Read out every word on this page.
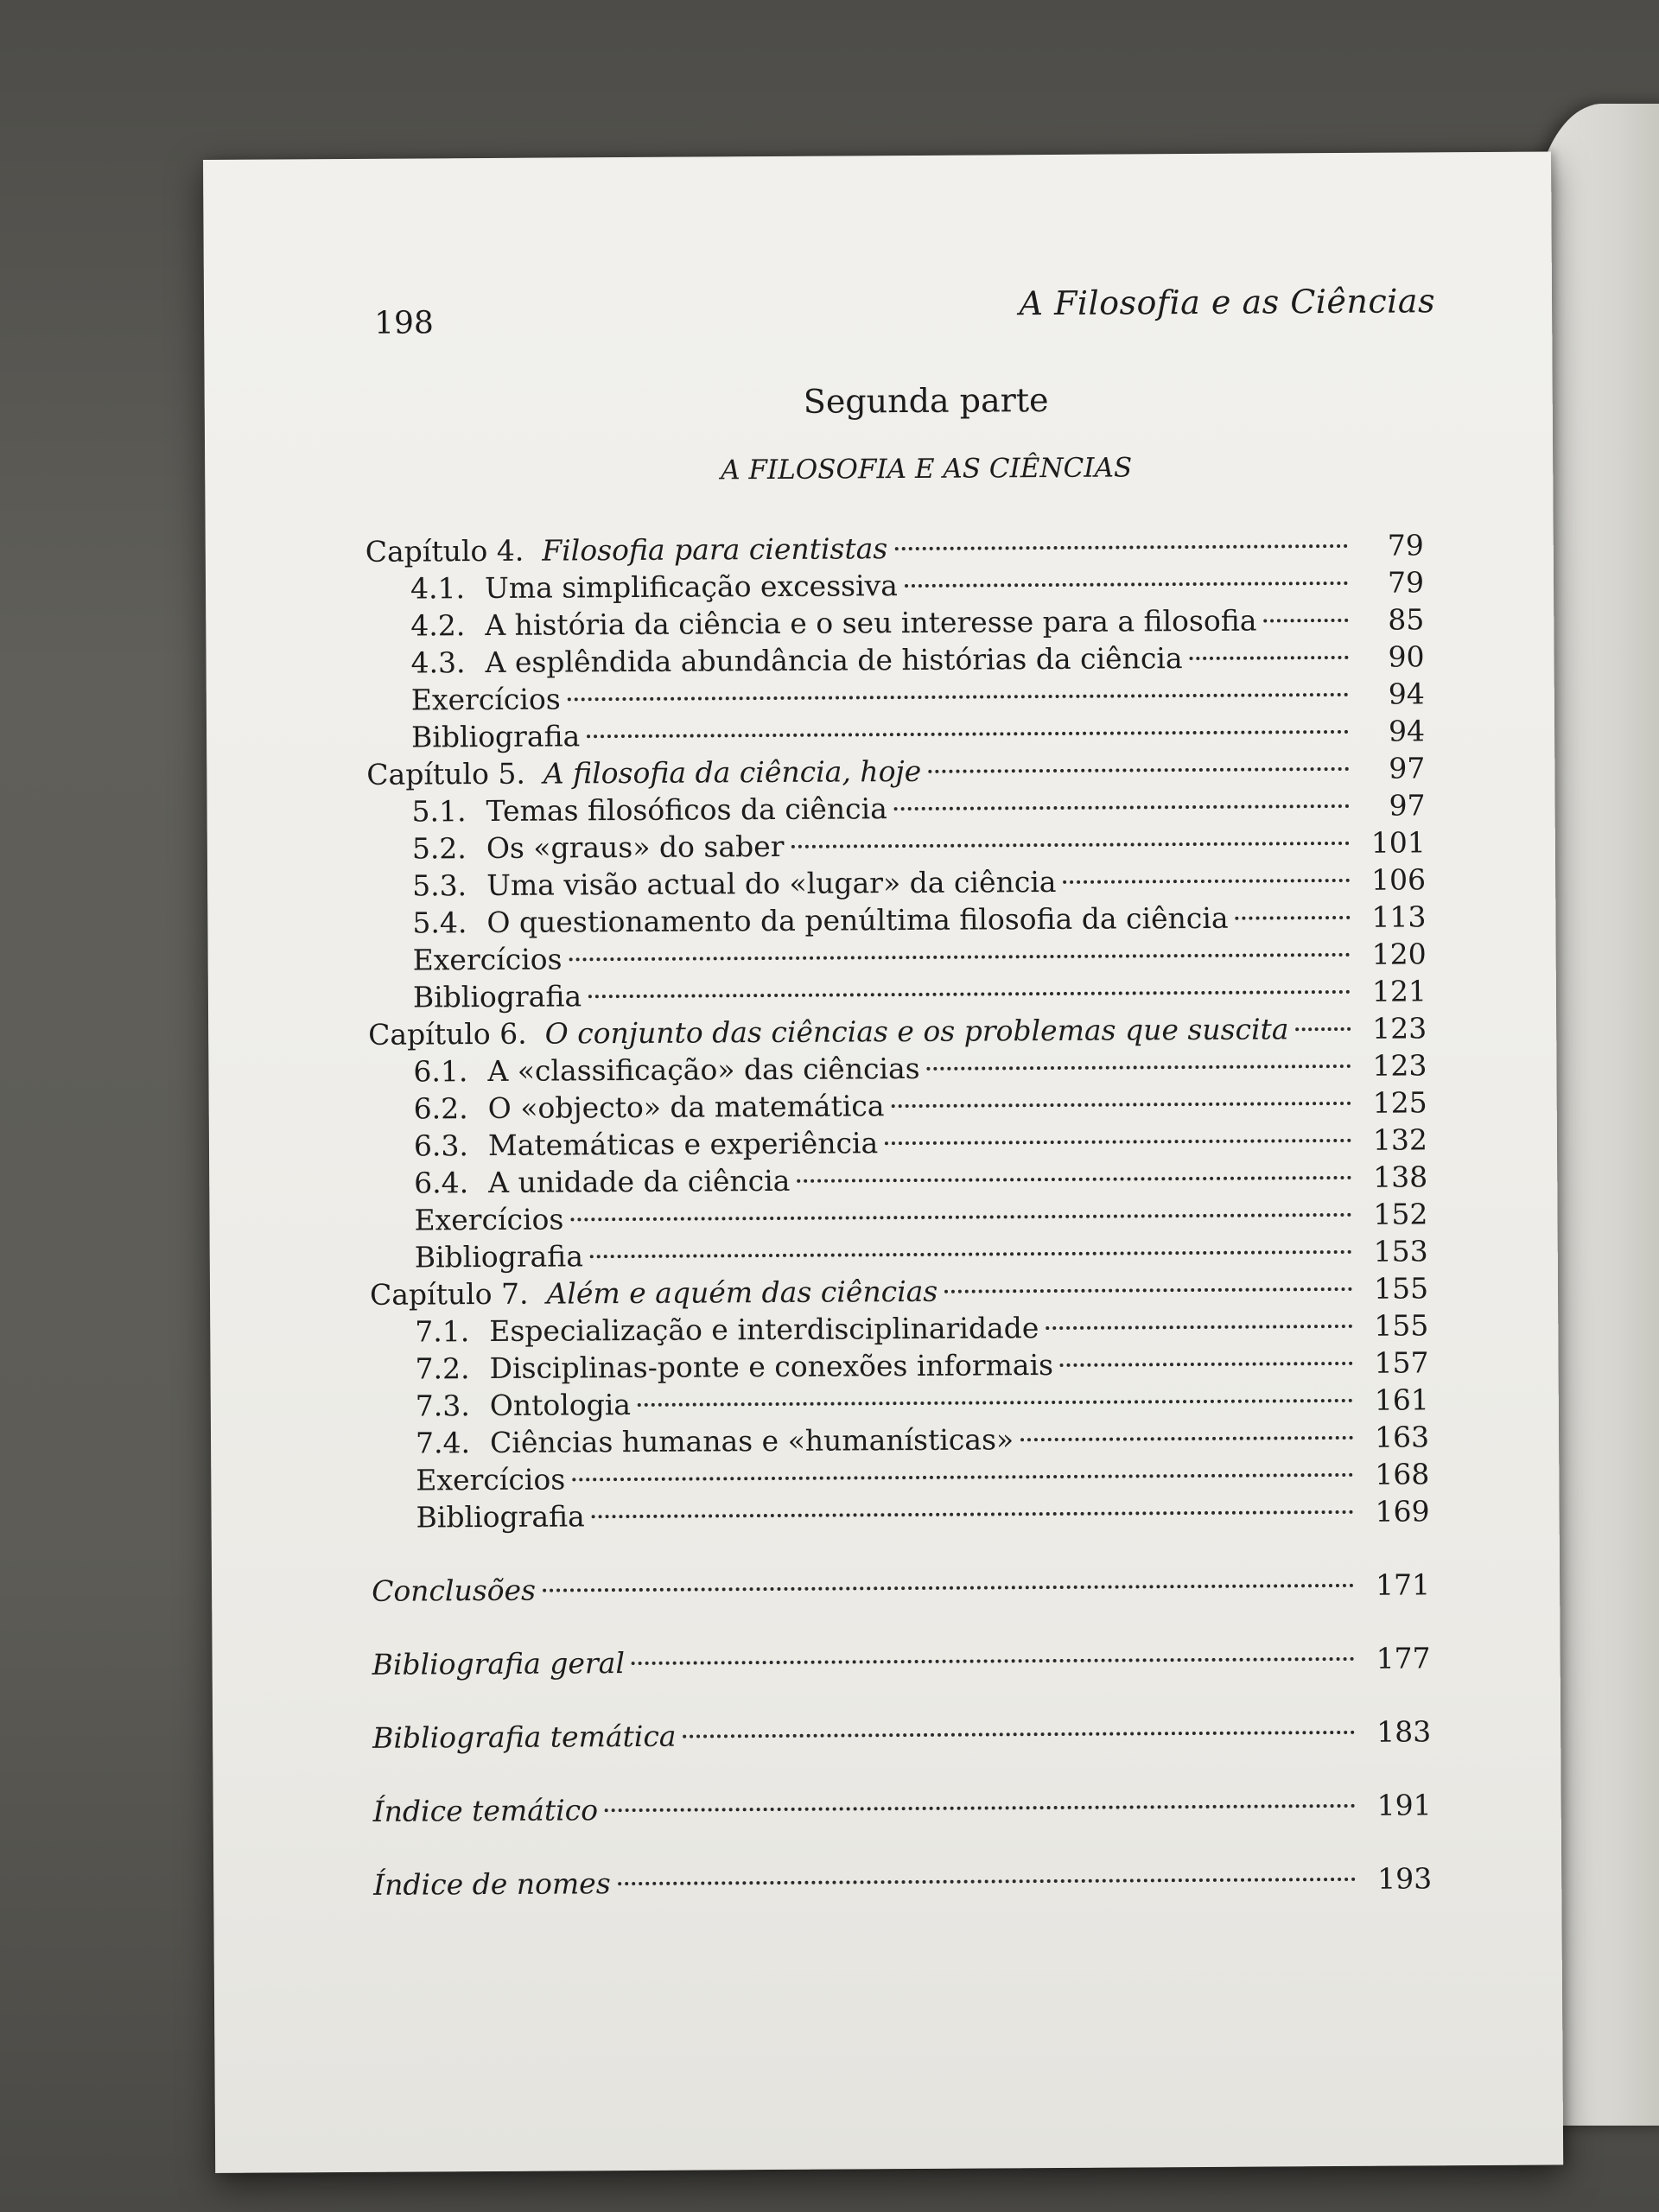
198
A Filosofia e as Ciências
Segunda parte
A FILOSOFIA E AS CIÊNCIAS
Capítulo 4. Filosofia para cientistas	79
4.1. Uma simplificação excessiva	79
4.2. A história da ciência e o seu interesse para a filosofia	85
4.3. A esplêndida abundância de histórias da ciência	90
Exercícios	94
Bibliografia	94
Capítulo 5. A filosofia da ciência, hoje	97
5.1. Temas filosóficos da ciência	97
5.2. Os «graus» do saber	101
5.3. Uma visão actual do «lugar» da ciência	106
5.4. O questionamento da penúltima filosofia da ciência	113
Exercícios	120
Bibliografia	121
Capítulo 6. O conjunto das ciências e os problemas que suscita	123
6.1. A «classificação» das ciências	123
6.2. O «objecto» da matemática	125
6.3. Matemáticas e experiência	132
6.4. A unidade da ciência	138
Exercícios	152
Bibliografia	153
Capítulo 7. Além e aquém das ciências	155
7.1. Especialização e interdisciplinaridade	155
7.2. Disciplinas-ponte e conexões informais	157
7.3. Ontologia	161
7.4. Ciências humanas e «humanísticas»	163
Exercícios	168
Bibliografia	169
Conclusões	171
Bibliografia geral	177
Bibliografia temática	183
Índice temático	191
Índice de nomes	193
